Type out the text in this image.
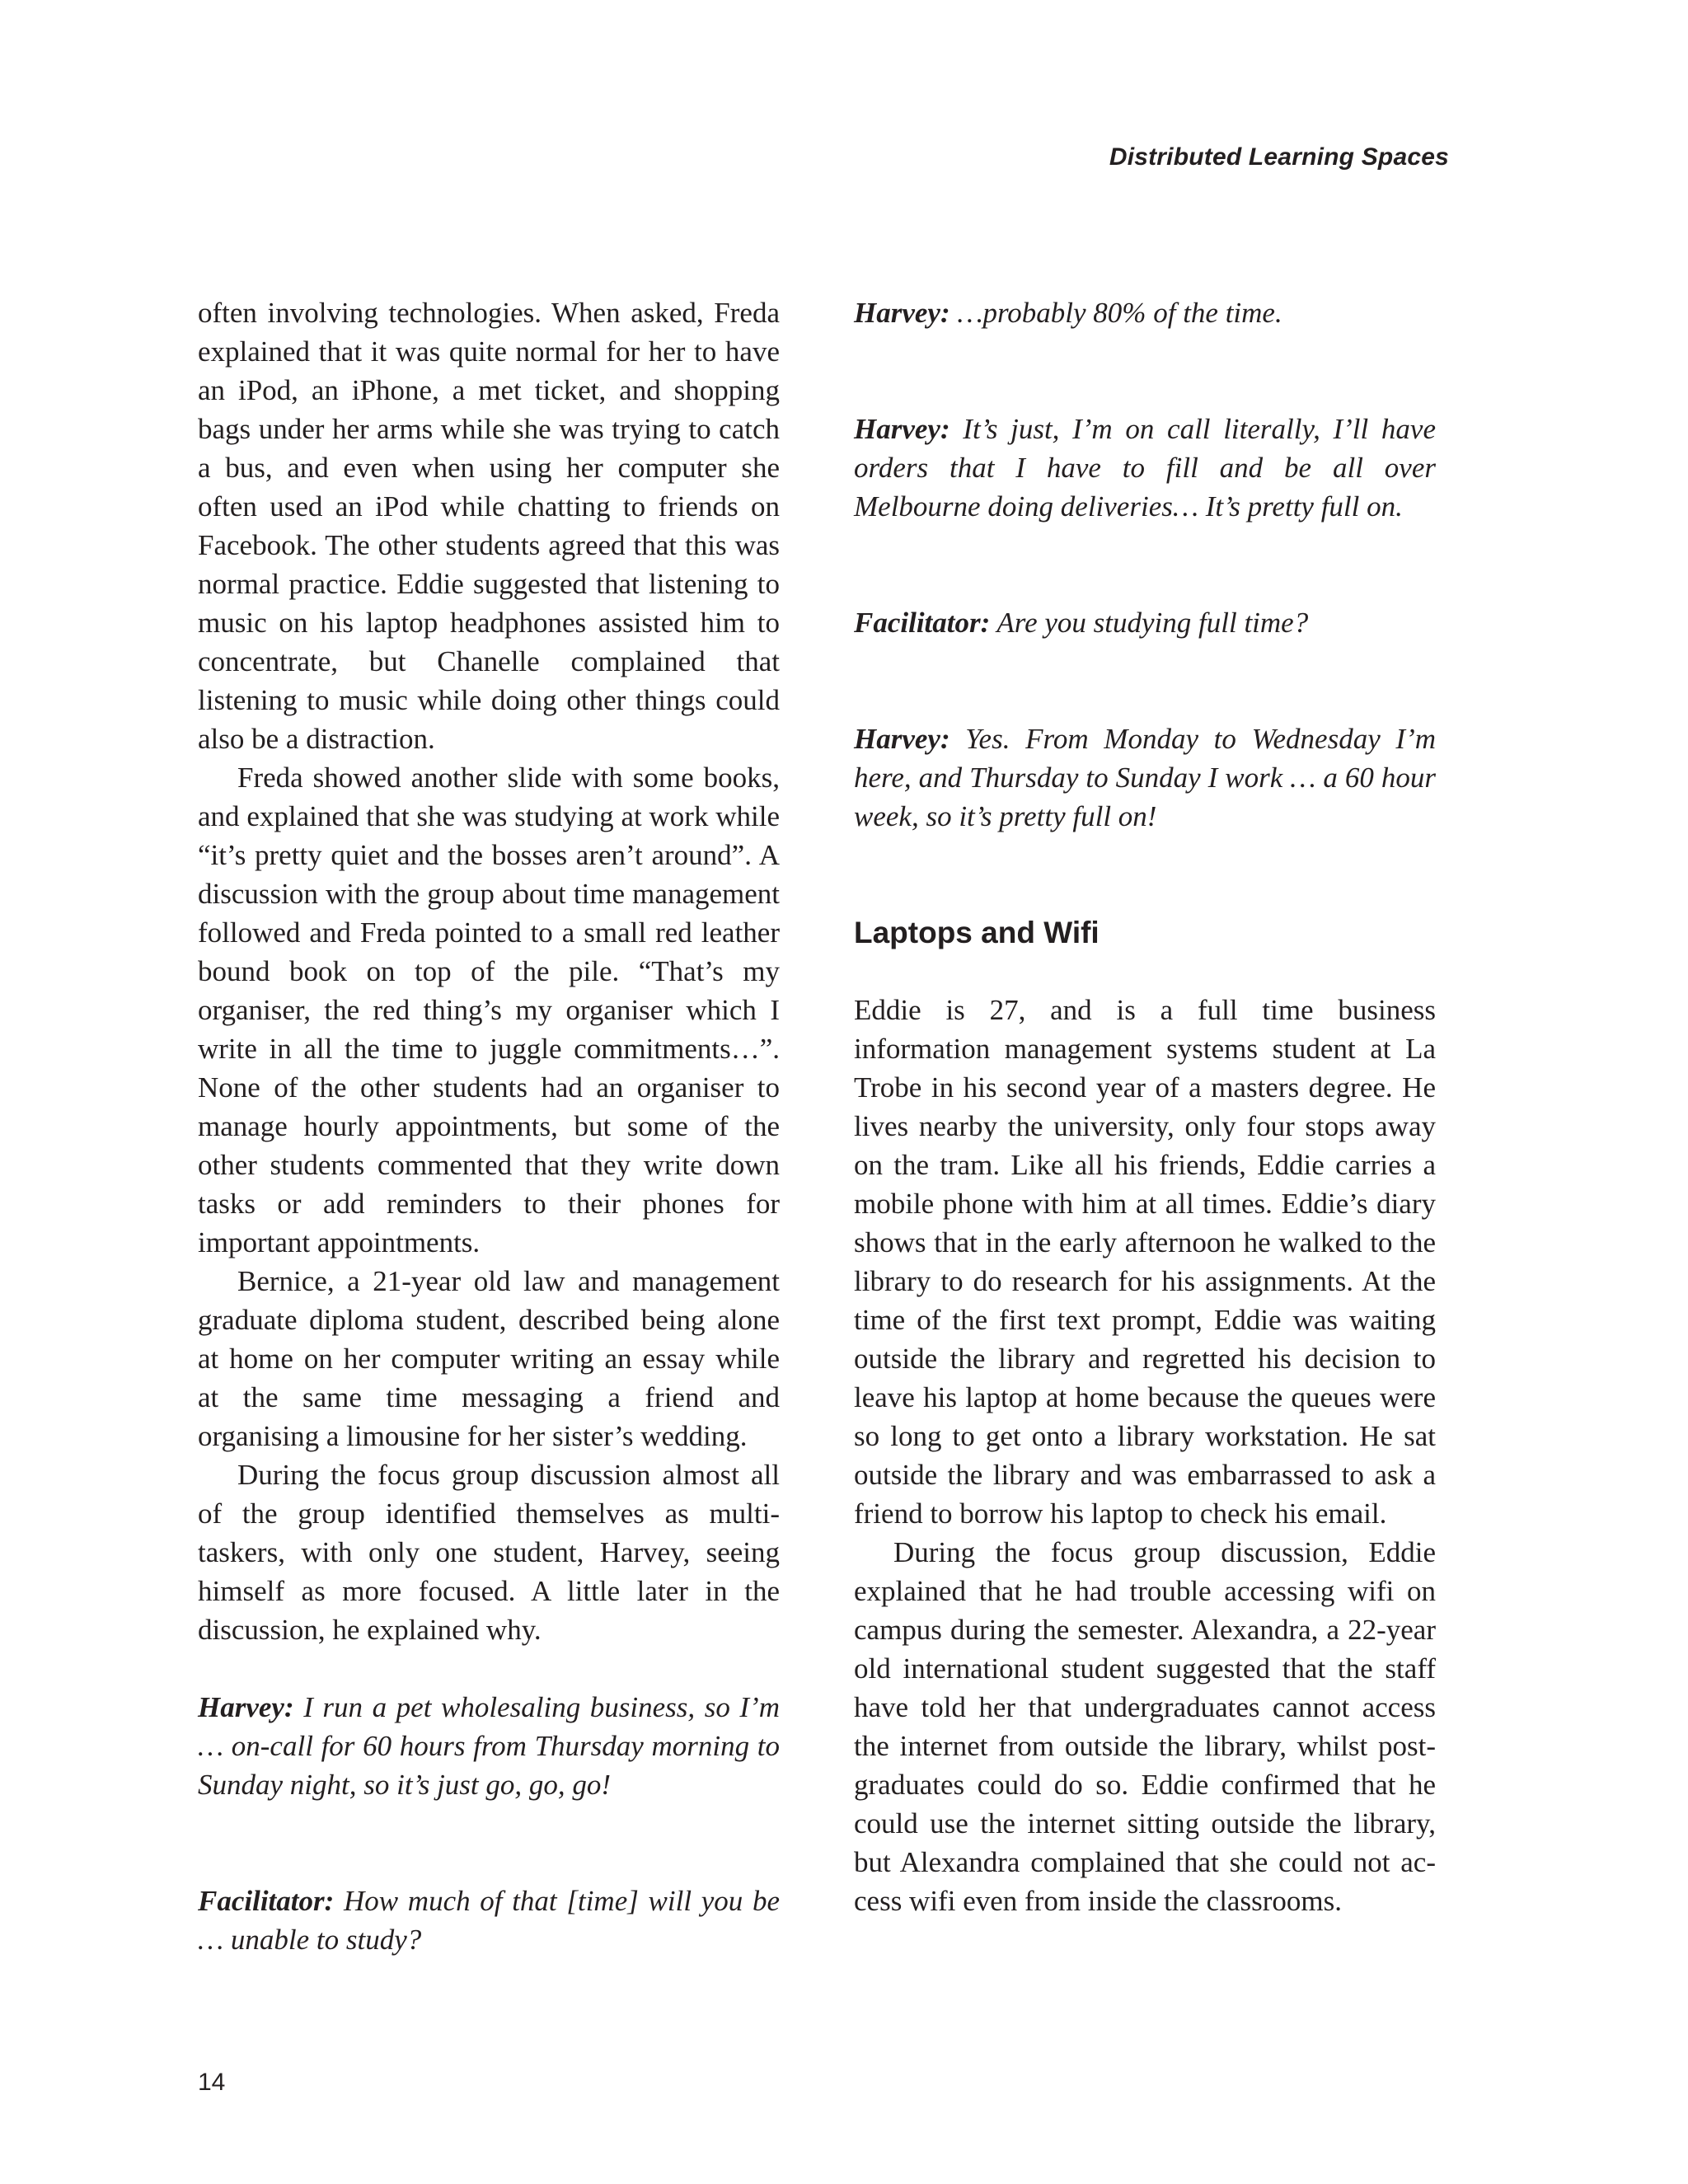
Distributed Learning Spaces

often involving technologies. When asked, Freda explained that it was quite normal for her to have an iPod, an iPhone, a met ticket, and shopping bags under her arms while she was trying to catch a bus, and even when using her computer she often used an iPod while chatting to friends on Facebook. The other students agreed that this was normal practice. Eddie suggested that listening to music on his laptop headphones assisted him to concentrate, but Chanelle complained that listening to music while doing other things could also be a distraction.

Freda showed another slide with some books, and explained that she was studying at work while “it’s pretty quiet and the bosses aren’t around”. A discussion with the group about time management followed and Freda pointed to a small red leather bound book on top of the pile. “That’s my organiser, the red thing’s my organiser which I write in all the time to juggle commitments…”. None of the other students had an organiser to manage hourly appointments, but some of the other students commented that they write down tasks or add reminders to their phones for important appointments.

Bernice, a 21-year old law and management graduate diploma student, described being alone at home on her computer writing an essay while at the same time messaging a friend and organising a limousine for her sister’s wedding.

During the focus group discussion almost all of the group identified themselves as multi-taskers, with only one student, Harvey, seeing himself as more focused. A little later in the discussion, he explained why.

Harvey: I run a pet wholesaling business, so I’m … on-call for 60 hours from Thursday morning to Sunday night, so it’s just go, go, go!

Facilitator: How much of that [time] will you be … unable to study?

Harvey: …probably 80% of the time.

Harvey: It’s just, I’m on call literally, I’ll have orders that I have to fill and be all over Melbourne doing deliveries… It’s pretty full on.

Facilitator: Are you studying full time?

Harvey: Yes. From Monday to Wednesday I’m here, and Thursday to Sunday I work … a 60 hour week, so it’s pretty full on!

Laptops and Wifi

Eddie is 27, and is a full time business information management systems student at La Trobe in his second year of a masters degree. He lives nearby the university, only four stops away on the tram. Like all his friends, Eddie carries a mobile phone with him at all times. Eddie’s diary shows that in the early afternoon he walked to the library to do research for his assignments. At the time of the first text prompt, Eddie was waiting outside the library and regretted his decision to leave his laptop at home because the queues were so long to get onto a library workstation. He sat outside the library and was embarrassed to ask a friend to borrow his laptop to check his email.

During the focus group discussion, Eddie explained that he had trouble accessing wifi on campus during the semester. Alexandra, a 22-year old international student suggested that the staff have told her that undergraduates cannot access the internet from outside the library, whilst postgraduates could do so. Eddie confirmed that he could use the internet sitting outside the library, but Alexandra complained that she could not access wifi even from inside the classrooms.

14
